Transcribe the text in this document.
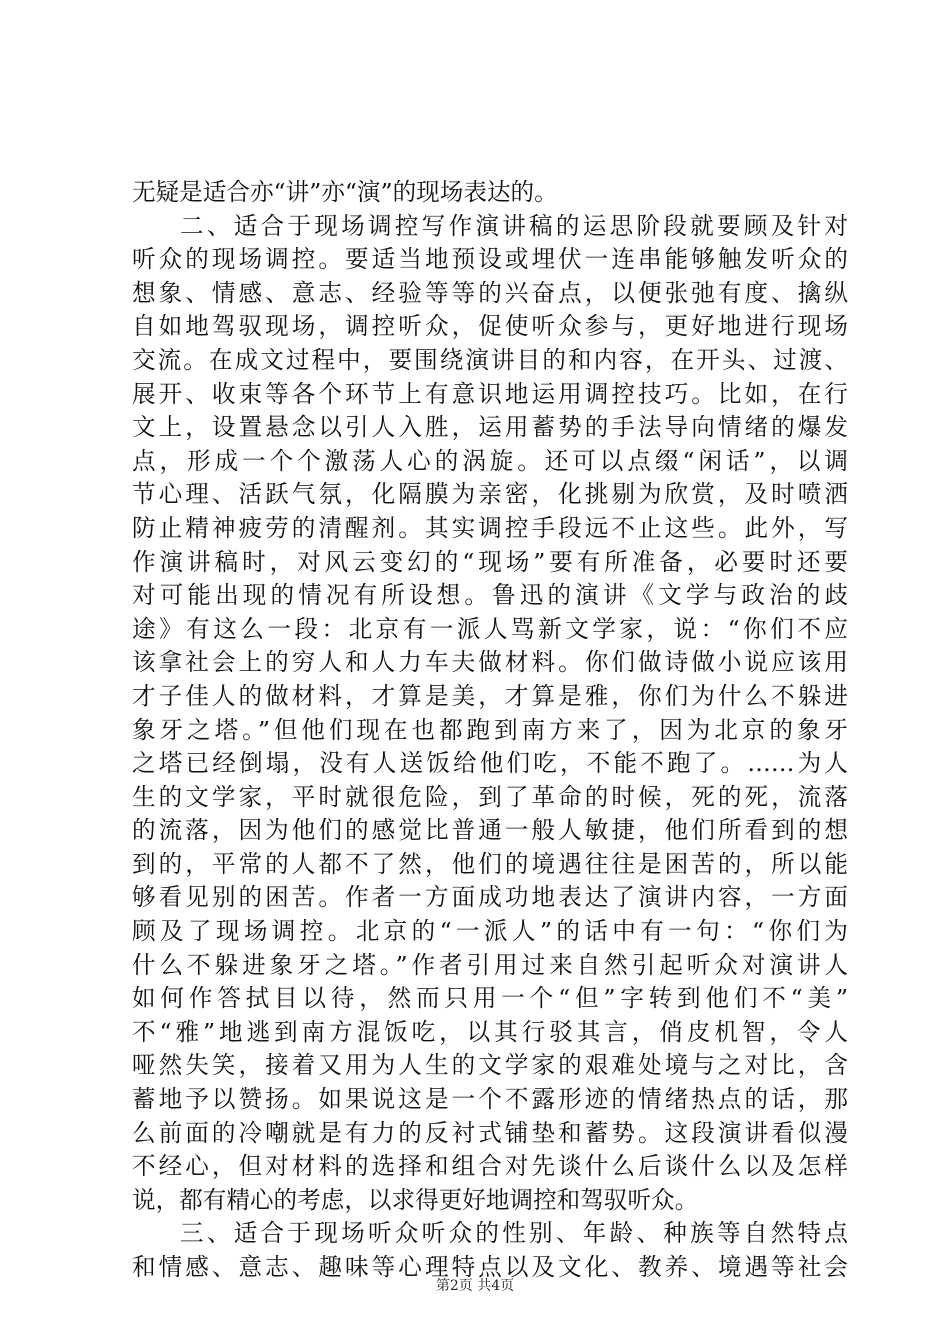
无疑是适合亦“讲”亦“演”的现场表达的。
二、适合于现场调控写作演讲稿的运思阶段就要顾及针对
听众的现场调控。要适当地预设或埋伏一连串能够触发听众的
想象、情感、意志、经验等等的兴奋点，以便张弛有度、擒纵
自如地驾驭现场，调控听众，促使听众参与，更好地进行现场
交流。在成文过程中，要围绕演讲目的和内容，在开头、过渡、
展开、收束等各个环节上有意识地运用调控技巧。比如，在行
文上，设置悬念以引人入胜，运用蓄势的手法导向情绪的爆发
点，形成一个个激荡人心的涡旋。还可以点缀“闲话”，以调
节心理、活跃气氛，化隔膜为亲密，化挑剔为欣赏，及时喷洒
防止精神疲劳的清醒剂。其实调控手段远不止这些。此外，写
作演讲稿时，对风云变幻的“现场”要有所准备，必要时还要
对可能出现的情况有所设想。鲁迅的演讲《文学与政治的歧
途》有这么一段：北京有一派人骂新文学家，说：“你们不应
该拿社会上的穷人和人力车夫做材料。你们做诗做小说应该用
才子佳人的做材料，才算是美，才算是雅，你们为什么不躲进
象牙之塔。”但他们现在也都跑到南方来了，因为北京的象牙
之塔已经倒塌，没有人送饭给他们吃，不能不跑了。……为人
生的文学家，平时就很危险，到了革命的时候，死的死，流落
的流落，因为他们的感觉比普通一般人敏捷，他们所看到的想
到的，平常的人都不了然，他们的境遇往往是困苦的，所以能
够看见别的困苦。作者一方面成功地表达了演讲内容，一方面
顾及了现场调控。北京的“一派人”的话中有一句：“你们为
什么不躲进象牙之塔。”作者引用过来自然引起听众对演讲人
如何作答拭目以待，然而只用一个“但”字转到他们不“美”
不“雅”地逃到南方混饭吃，以其行驳其言，俏皮机智，令人
哑然失笑，接着又用为人生的文学家的艰难处境与之对比，含
蓄地予以赞扬。如果说这是一个不露形迹的情绪热点的话，那
么前面的冷嘲就是有力的反衬式铺垫和蓄势。这段演讲看似漫
不经心，但对材料的选择和组合对先谈什么后谈什么以及怎样
说，都有精心的考虑，以求得更好地调控和驾驭听众。
三、适合于现场听众听众的性别、年龄、种族等自然特点
和情感、意志、趣味等心理特点以及文化、教养、境遇等社会
第2页 共4页
